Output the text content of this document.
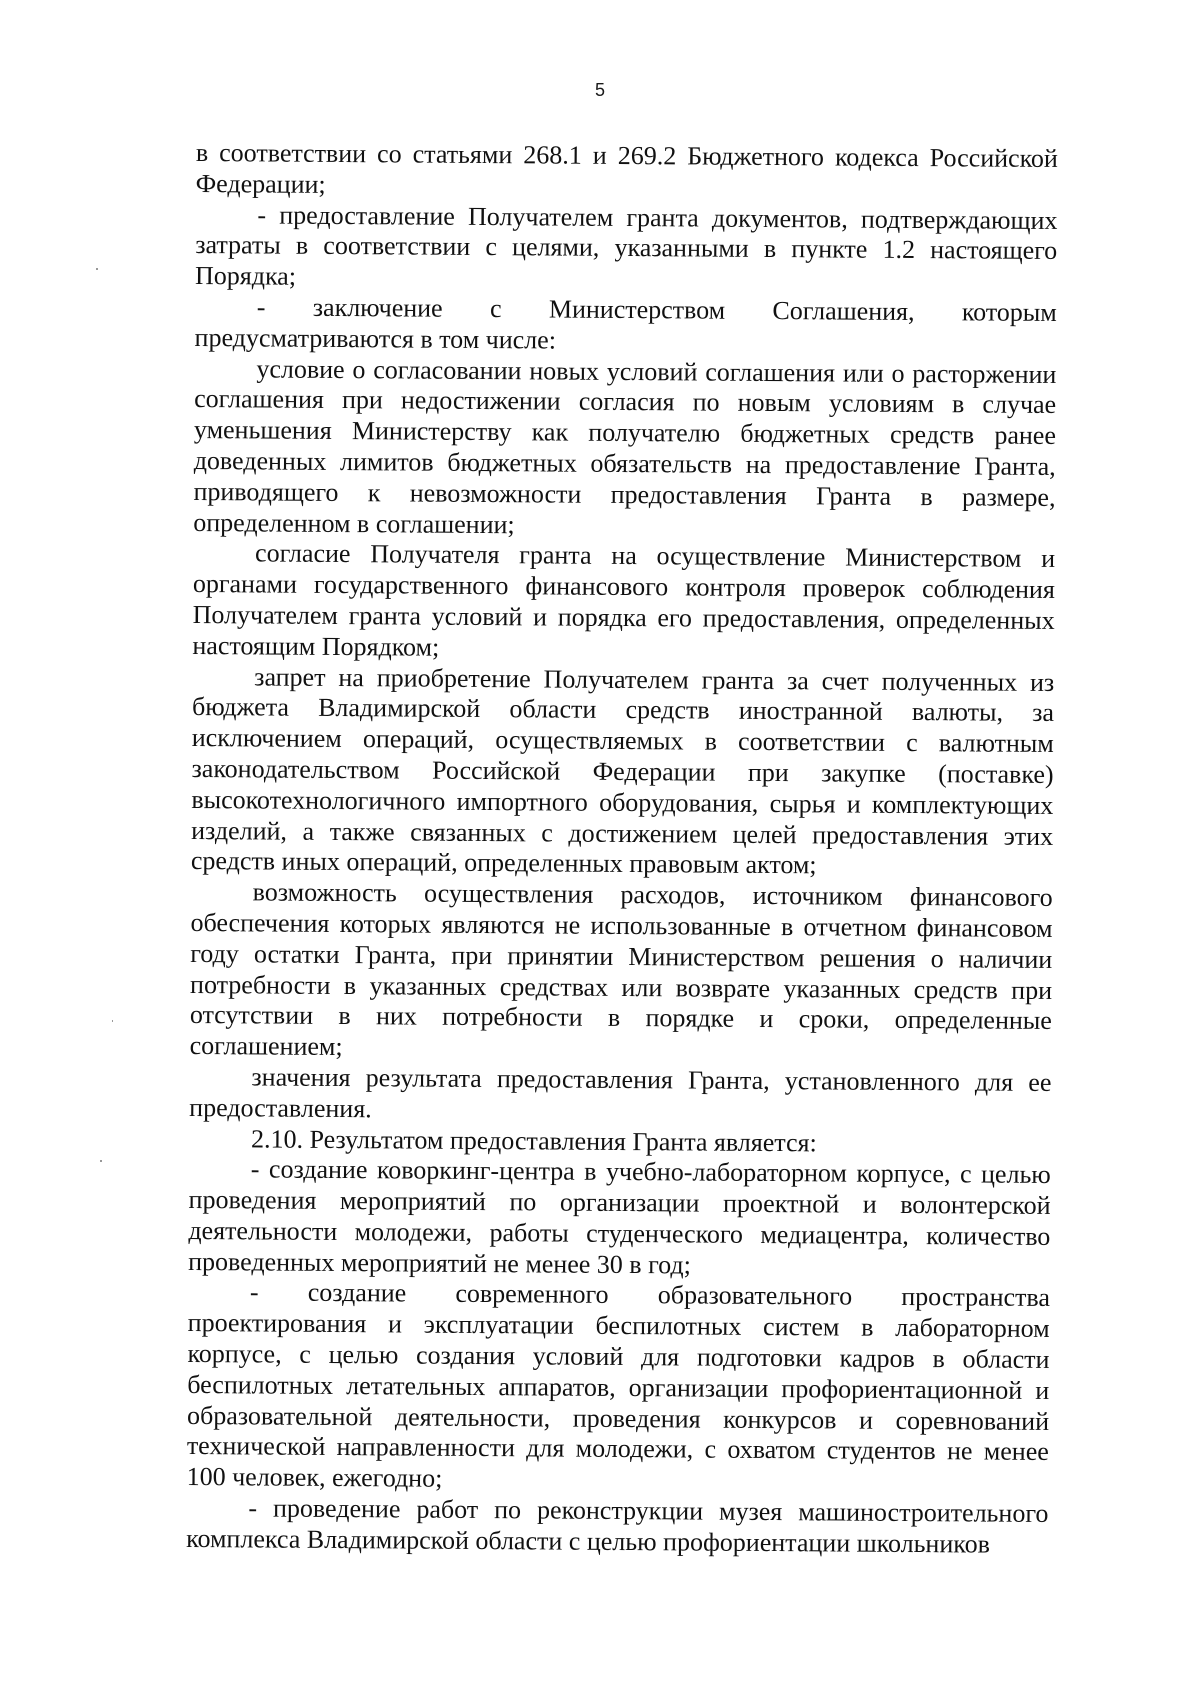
5

в соответствии со статьями 268.1 и 269.2 Бюджетного кодекса Российской Федерации;

- предоставление Получателем гранта документов, подтверждающих затраты в соответствии с целями, указанными в пункте 1.2 настоящего Порядка;

- заключение с Министерством Соглашения, которым предусматриваются в том числе:

условие о согласовании новых условий соглашения или о расторжении соглашения при недостижении согласия по новым условиям в случае уменьшения Министерству как получателю бюджетных средств ранее доведенных лимитов бюджетных обязательств на предоставление Гранта, приводящего к невозможности предоставления Гранта в размере, определенном в соглашении;

согласие Получателя гранта на осуществление Министерством и органами государственного финансового контроля проверок соблюдения Получателем гранта условий и порядка его предоставления, определенных настоящим Порядком;

запрет на приобретение Получателем гранта за счет полученных из бюджета Владимирской области средств иностранной валюты, за исключением операций, осуществляемых в соответствии с валютным законодательством Российской Федерации при закупке (поставке) высокотехнологичного импортного оборудования, сырья и комплектующих изделий, а также связанных с достижением целей предоставления этих средств иных операций, определенных правовым актом;

возможность осуществления расходов, источником финансового обеспечения которых являются не использованные в отчетном финансовом году остатки Гранта, при принятии Министерством решения о наличии потребности в указанных средствах или возврате указанных средств при отсутствии в них потребности в порядке и сроки, определенные соглашением;

значения результата предоставления Гранта, установленного для ее предоставления.

2.10. Результатом предоставления Гранта является:

- создание коворкинг-центра в учебно-лабораторном корпусе, с целью проведения мероприятий по организации проектной и волонтерской деятельности молодежи, работы студенческого медиацентра, количество проведенных мероприятий не менее 30 в год;

- создание современного образовательного пространства проектирования и эксплуатации беспилотных систем в лабораторном корпусе, с целью создания условий для подготовки кадров в области беспилотных летательных аппаратов, организации профориентационной и образовательной деятельности, проведения конкурсов и соревнований технической направленности для молодежи, с охватом студентов не менее 100 человек, ежегодно;

- проведение работ по реконструкции музея машиностроительного комплекса Владимирской области с целью профориентации школьников
